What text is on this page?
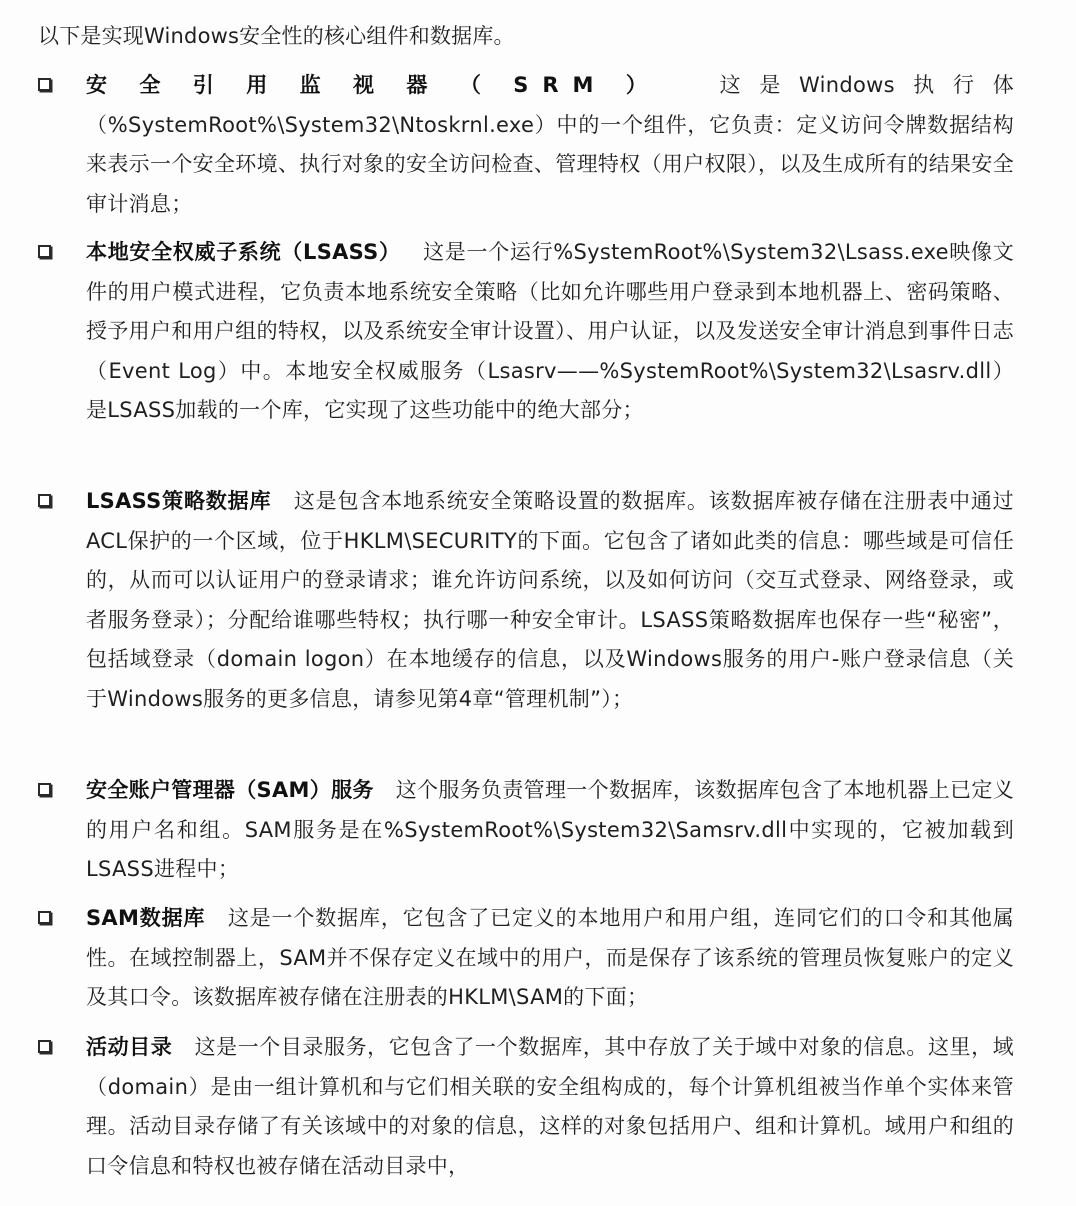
以下是实现Windows安全性的核心组件和数据库。
安全引用监视器（SRM） 这是Windows执行体（%SystemRoot%\System32\Ntoskrnl.exe）中的一个组件，它负责：定义访问令牌数据结构来表示一个安全环境、执行对象的安全访问检查、管理特权（用户权限），以及生成所有的结果安全审计消息；
本地安全权威子系统（LSASS） 这是一个运行%SystemRoot%\System32\Lsass.exe映像文件的用户模式进程，它负责本地系统安全策略（比如允许哪些用户登录到本地机器上、密码策略、授予用户和用户组的特权，以及系统安全审计设置）、用户认证，以及发送安全审计消息到事件日志（Event Log）中。本地安全权威服务（Lsasrv——%SystemRoot%\System32\Lsasrv.dll）是LSASS加载的一个库，它实现了这些功能中的绝大部分；
LSASS策略数据库 这是包含本地系统安全策略设置的数据库。该数据库被存储在注册表中通过ACL保护的一个区域，位于HKLM\SECURITY的下面。它包含了诸如此类的信息：哪些域是可信任的，从而可以认证用户的登录请求；谁允许访问系统，以及如何访问（交互式登录、网络登录，或者服务登录）；分配给谁哪些特权；执行哪一种安全审计。LSASS策略数据库也保存一些“秘密”，包括域登录（domain logon）在本地缓存的信息，以及Windows服务的用户-账户登录信息（关于Windows服务的更多信息，请参见第4章“管理机制”）；
安全账户管理器（SAM）服务 这个服务负责管理一个数据库，该数据库包含了本地机器上已定义的用户名和组。SAM服务是在%SystemRoot%\System32\Samsrv.dll中实现的，它被加载到LSASS进程中；
SAM数据库 这是一个数据库，它包含了已定义的本地用户和用户组，连同它们的口令和其他属性。在域控制器上，SAM并不保存定义在域中的用户，而是保存了该系统的管理员恢复账户的定义及其口令。该数据库被存储在注册表的HKLM\SAM的下面；
活动目录 这是一个目录服务，它包含了一个数据库，其中存放了关于域中对象的信息。这里，域（domain）是由一组计算机和与它们相关联的安全组构成的，每个计算机组被当作单个实体来管理。活动目录存储了有关该域中的对象的信息，这样的对象包括用户、组和计算机。域用户和组的口令信息和特权也被存储在活动目录中，
